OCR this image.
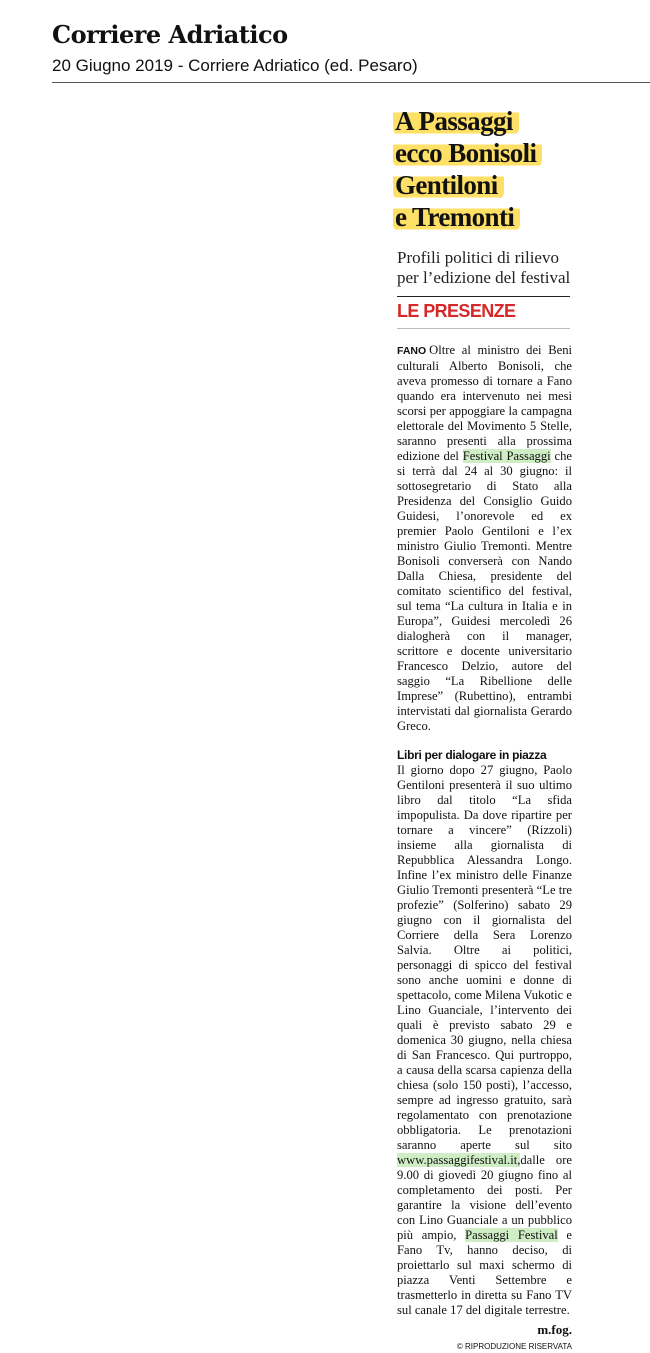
Corriere Adriatico
20 Giugno 2019 - Corriere Adriatico (ed. Pesaro)
A Passaggi
ecco Bonisoli
Gentiloni
e Tremonti
Profili politici di rilievo per l’edizione del festival
LE PRESENZE
FANO Oltre al ministro dei Beni culturali Alberto Bonisoli, che aveva promesso di tornare a Fano quando era intervenuto nei mesi scorsi per appoggiare la campagna elettorale del Movimento 5 Stelle, saranno presenti alla prossima edizione del Festival Passaggi che si terrà dal 24 al 30 giugno: il sottosegretario di Stato alla Presidenza del Consiglio Guido Guidesi, l’onorevole ed ex premier Paolo Gentiloni e l’ex ministro Giulio Tremonti. Mentre Bonisoli converserà con Nando Dalla Chiesa, presidente del comitato scientifico del festival, sul tema “La cultura in Italia e in Europa”, Guidesi mercoledì 26 dialogherà con il manager, scrittore e docente universitario Francesco Delzio, autore del saggio “La Ribellione delle Imprese” (Rubettino), entrambi intervistati dal giornalista Gerardo Greco.
Libri per dialogare in piazza
Il giorno dopo 27 giugno, Paolo Gentiloni presenterà il suo ultimo libro dal titolo “La sfida impopulista. Da dove ripartire per tornare a vincere” (Rizzoli) insieme alla giornalista di Repubblica Alessandra Longo. Infine l’ex ministro delle Finanze Giulio Tremonti presenterà “Le tre profezie” (Solferino) sabato 29 giugno con il giornalista del Corriere della Sera Lorenzo Salvia. Oltre ai politici, personaggi di spicco del festival sono anche uomini e donne di spettacolo, come Milena Vukotic e Lino Guanciale, l’intervento dei quali è previsto sabato 29 e domenica 30 giugno, nella chiesa di San Francesco. Qui purtroppo, a causa della scarsa capienza della chiesa (solo 150 posti), l’accesso, sempre ad ingresso gratuito, sarà regolamentato con prenotazione obbligatoria. Le prenotazioni saranno aperte sul sito www.passaggifestival.it,dalle ore 9.00 di giovedì 20 giugno fino al completamento dei posti. Per garantire la visione dell’evento con Lino Guanciale a un pubblico più ampio, Passaggi Festival e Fano Tv, hanno deciso, di proiettarlo sul maxi schermo di piazza Venti Settembre e trasmetterlo in diretta su Fano TV sul canale 17 del digitale terrestre.
m.fog.
© RIPRODUZIONE RISERVATA
